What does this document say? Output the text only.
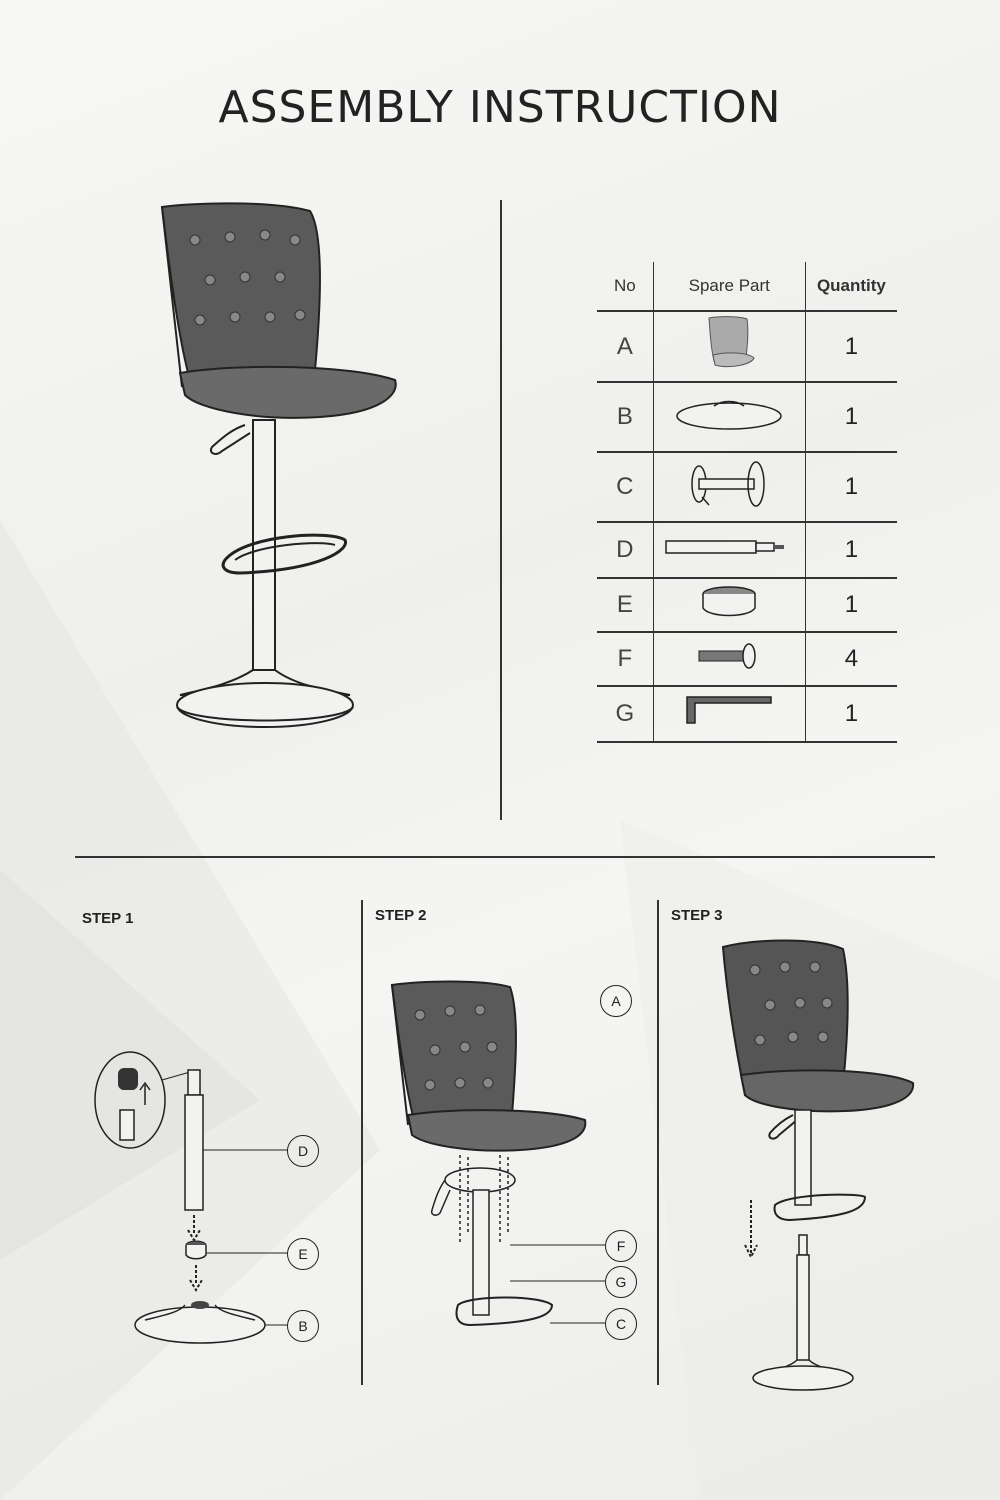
ASSEMBLY INSTRUCTION
No	Spare Part	Quantity
A		1
B		1
C		1
D		1
E		1
F		4
G		1
STEP 1	STEP 2	STEP 3
D
E
B
A
F
G
C
